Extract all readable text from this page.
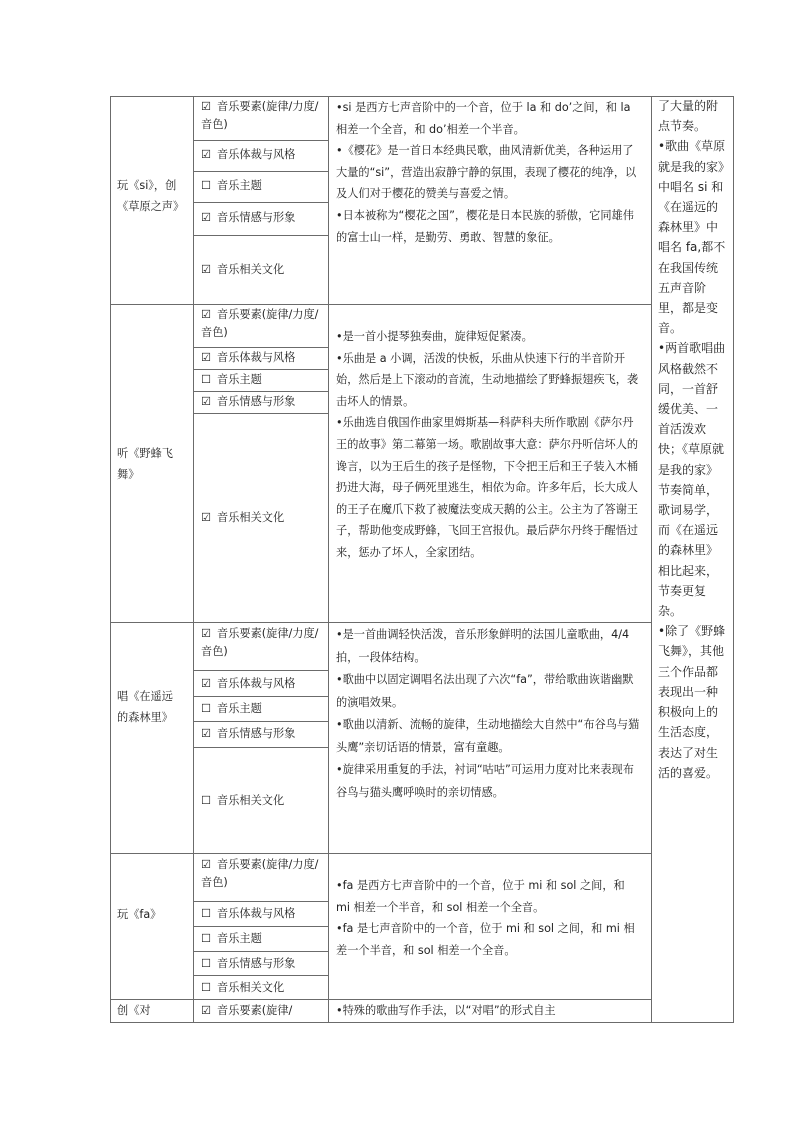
玩《si》，创《草原之声》
☑ 音乐要素(旋律/力度/音色)
☑ 音乐体裁与风格
☐ 音乐主题
☑ 音乐情感与形象
☑ 音乐相关文化

•si 是西方七声音阶中的一个音，位于 la 和 do’之间，和 la 相差一个全音，和 do’相差一个半音。

•《樱花》是一首日本经典民歌，曲风清新优美，各种运用了大量的“si”，营造出寂静宁静的氛围，表现了樱花的纯净，以及人们对于樱花的赞美与喜爱之情。

•日本被称为“樱花之国”，樱花是日本民族的骄傲，它同雄伟的富士山一样，是勤劳、勇敢、智慧的象征。

听《野蜂飞舞》
☑ 音乐要素(旋律/力度/音色)
☑ 音乐体裁与风格
☐ 音乐主题
☑ 音乐情感与形象
☑ 音乐相关文化

•是一首小提琴独奏曲，旋律短促紧凑。

•乐曲是 a 小调，活泼的快板，乐曲从快速下行的半音阶开始，然后是上下滚动的音流，生动地描绘了野蜂振翅疾飞，袭击坏人的情景。

•乐曲选自俄国作曲家里姆斯基—科萨科夫所作歌剧《萨尔丹王的故事》第二幕第一场。歌剧故事大意：萨尔丹听信坏人的谗言，以为王后生的孩子是怪物，下令把王后和王子装入木桶扔进大海，母子俩死里逃生，相依为命。许多年后，长大成人的王子在魔爪下救了被魔法变成天鹅的公主。公主为了答谢王子，帮助他变成野蜂，飞回王宫报仇。最后萨尔丹终于醒悟过来，惩办了坏人，全家团结。

唱《在遥远的森林里》
☑ 音乐要素(旋律/力度/音色)
☑ 音乐体裁与风格
☐ 音乐主题
☑ 音乐情感与形象
☐ 音乐相关文化

•是一首曲调轻快活泼，音乐形象鲜明的法国儿童歌曲，4/4 拍，一段体结构。

•歌曲中以固定调唱名法出现了六次“fa”，带给歌曲诙谐幽默的演唱效果。

•歌曲以清新、流畅的旋律，生动地描绘大自然中“布谷鸟与猫头鹰”亲切话语的情景，富有童趣。

•旋律采用重复的手法，衬词“咕咕”可运用力度对比来表现布谷鸟与猫头鹰呼唤时的亲切情感。

玩《fa》
☑ 音乐要素(旋律/力度/音色)
☐ 音乐体裁与风格
☐ 音乐主题
☐ 音乐情感与形象
☐ 音乐相关文化

•fa 是西方七声音阶中的一个音，位于 mi 和 sol 之间，和 mi 相差一个半音，和 sol 相差一个全音。

•fa 是七声音阶中的一个音，位于 mi 和 sol 之间，和 mi 相差一个半音，和 sol 相差一个全音。

创《对	☑ 音乐要素(旋律/	•特殊的歌曲写作手法，以“对唱”的形式自主

了大量的附点节奏。

•歌曲《草原就是我的家》中唱名 si 和《在遥远的森林里》中唱名 fa,都不在我国传统五声音阶里，都是变音。

•两首歌唱曲风格截然不同，一首舒缓优美、一首活泼欢快；《草原就是我的家》节奏简单，歌词易学，而《在遥远的森林里》相比起来，节奏更复杂。

•除了《野蜂飞舞》，其他三个作品都表现出一种积极向上的生活态度，表达了对生活的喜爱。
